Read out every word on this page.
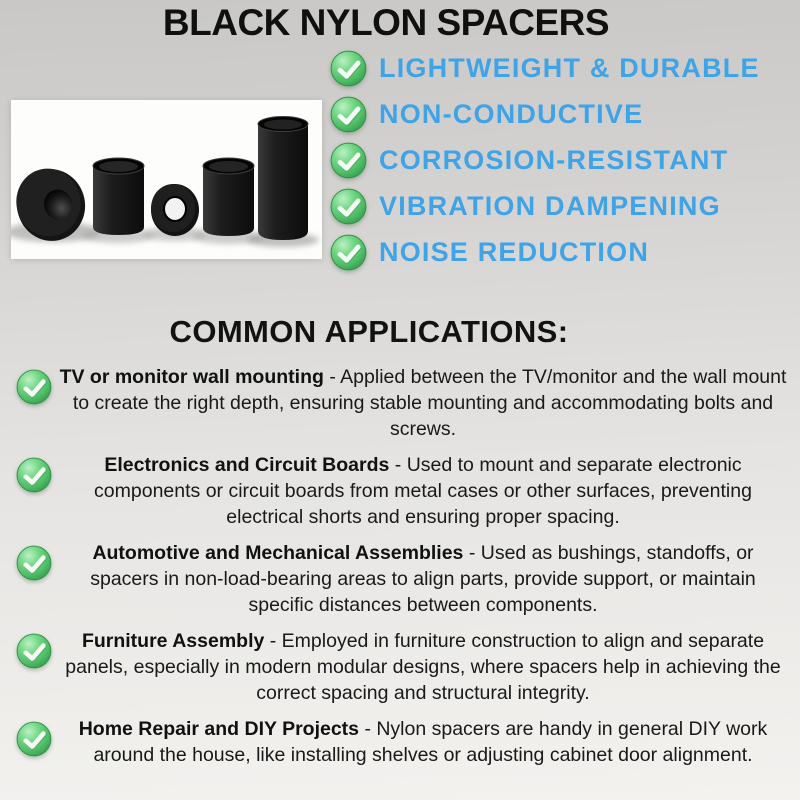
BLACK NYLON SPACERS
LIGHTWEIGHT & DURABLE
NON-CONDUCTIVE
CORROSION-RESISTANT
VIBRATION DAMPENING
NOISE REDUCTION
COMMON APPLICATIONS:

TV or monitor wall mounting - Applied between the TV/monitor and the wall mount to create the right depth, ensuring stable mounting and accommodating bolts and screws.

Electronics and Circuit Boards - Used to mount and separate electronic components or circuit boards from metal cases or other surfaces, preventing electrical shorts and ensuring proper spacing.

Automotive and Mechanical Assemblies - Used as bushings, standoffs, or spacers in non-load-bearing areas to align parts, provide support, or maintain specific distances between components.

Furniture Assembly - Employed in furniture construction to align and separate panels, especially in modern modular designs, where spacers help in achieving the correct spacing and structural integrity.

Home Repair and DIY Projects - Nylon spacers are handy in general DIY work around the house, like installing shelves or adjusting cabinet door alignment.
